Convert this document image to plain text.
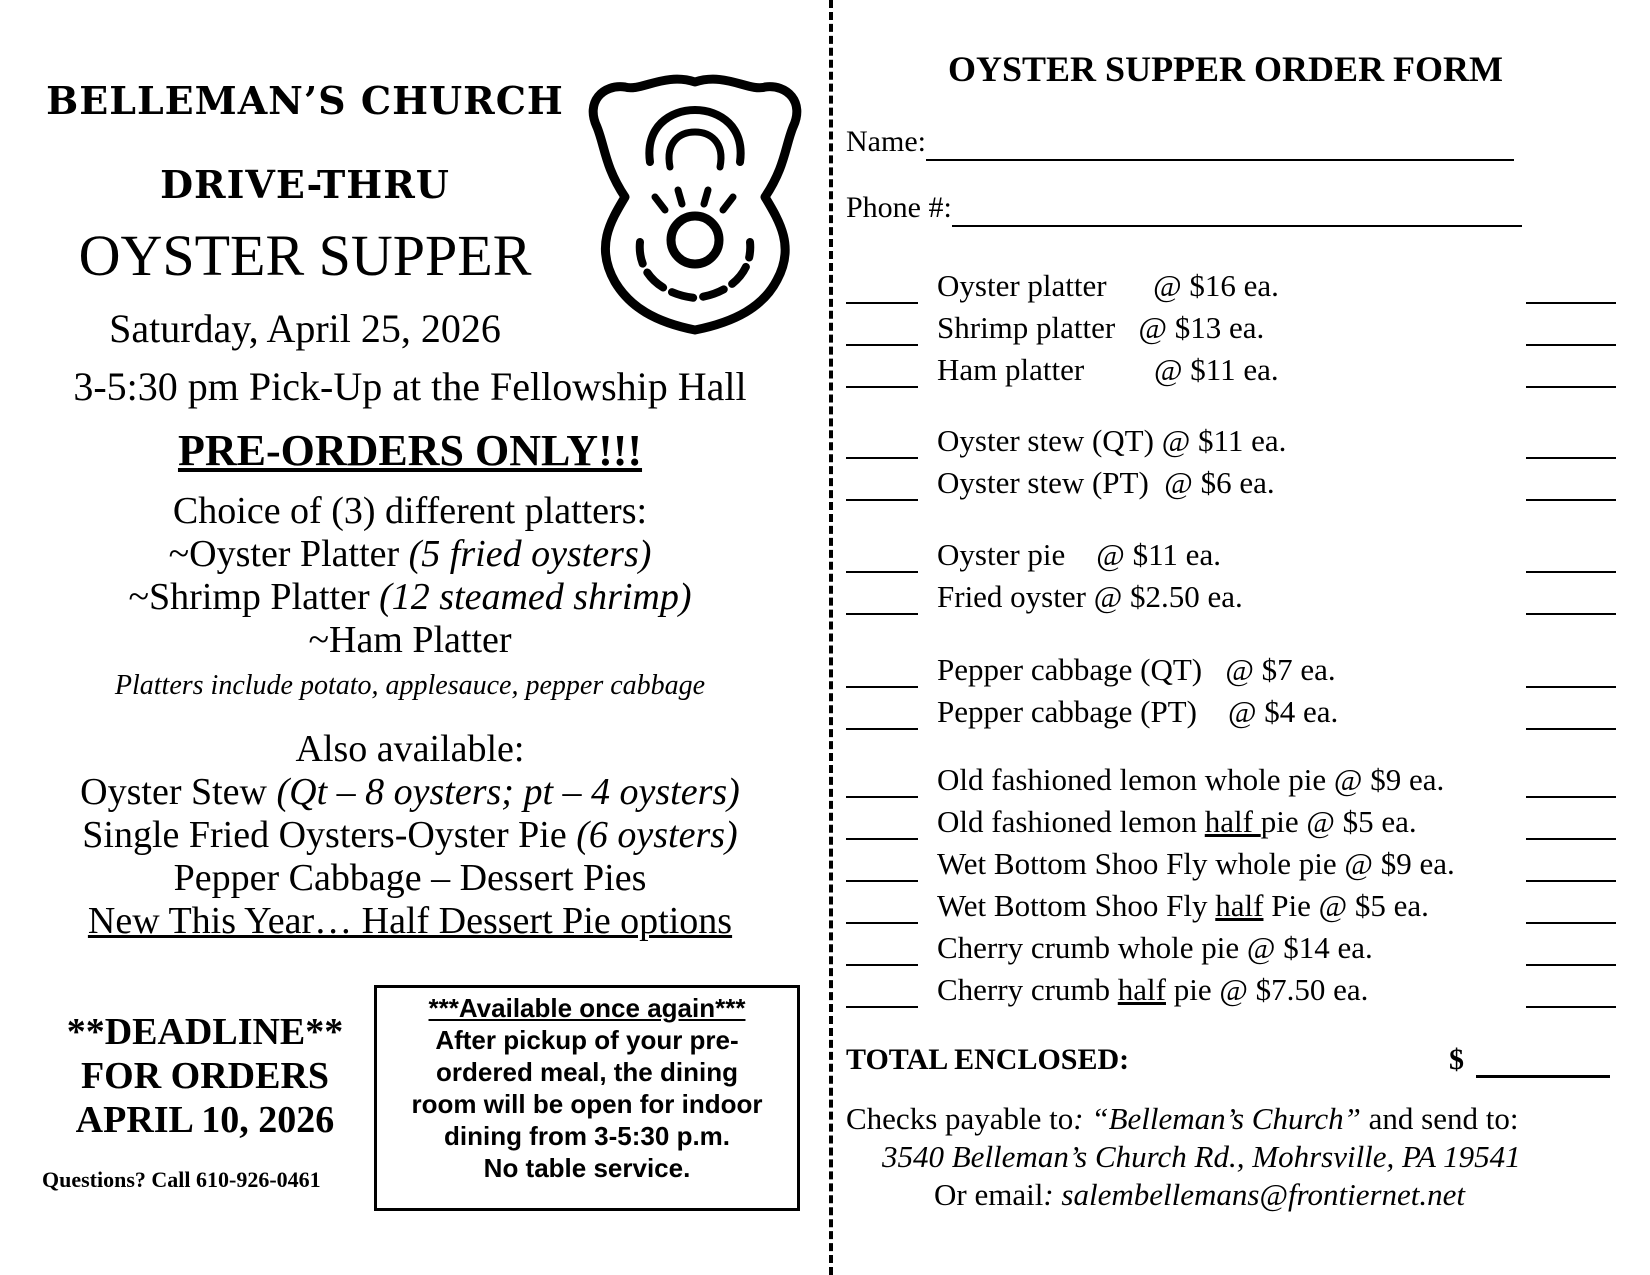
BELLEMAN’S CHURCH
DRIVE-THRU
OYSTER SUPPER
Saturday, April 25, 2026
3-5:30 pm Pick-Up at the Fellowship Hall
PRE-ORDERS ONLY!!!
Choice of (3) different platters:
~Oyster Platter (5 fried oysters)
~Shrimp Platter (12 steamed shrimp)
~Ham Platter
Platters include potato, applesauce, pepper cabbage
Also available:
Oyster Stew (Qt – 8 oysters; pt – 4 oysters)
Single Fried Oysters-Oyster Pie (6 oysters)
Pepper Cabbage – Dessert Pies
New This Year… Half Dessert Pie options
**DEADLINE**
FOR ORDERS
APRIL 10, 2026
Questions? Call 610-926-0461
***Available once again***
After pickup of your pre-
ordered meal, the dining
room will be open for indoor
dining from 3-5:30 p.m.
No table service.
OYSTER SUPPER ORDER FORM
Name:
Phone #:
Oyster platter @ $16 ea.
Shrimp platter @ $13 ea.
Ham platter @ $11 ea.
Oyster stew (QT) @ $11 ea.
Oyster stew (PT) @ $6 ea.
Oyster pie @ $11 ea.
Fried oyster @ $2.50 ea.
Pepper cabbage (QT) @ $7 ea.
Pepper cabbage (PT) @ $4 ea.
Old fashioned lemon whole pie @ $9 ea.
Old fashioned lemon half pie @ $5 ea.
Wet Bottom Shoo Fly whole pie @ $9 ea.
Wet Bottom Shoo Fly half Pie @ $5 ea.
Cherry crumb whole pie @ $14 ea.
Cherry crumb half pie @ $7.50 ea.
TOTAL ENCLOSED:	$
Checks payable to: “Belleman’s Church” and send to:
3540 Belleman’s Church Rd., Mohrsville, PA 19541
Or email: salembellemans@frontiernet.net
